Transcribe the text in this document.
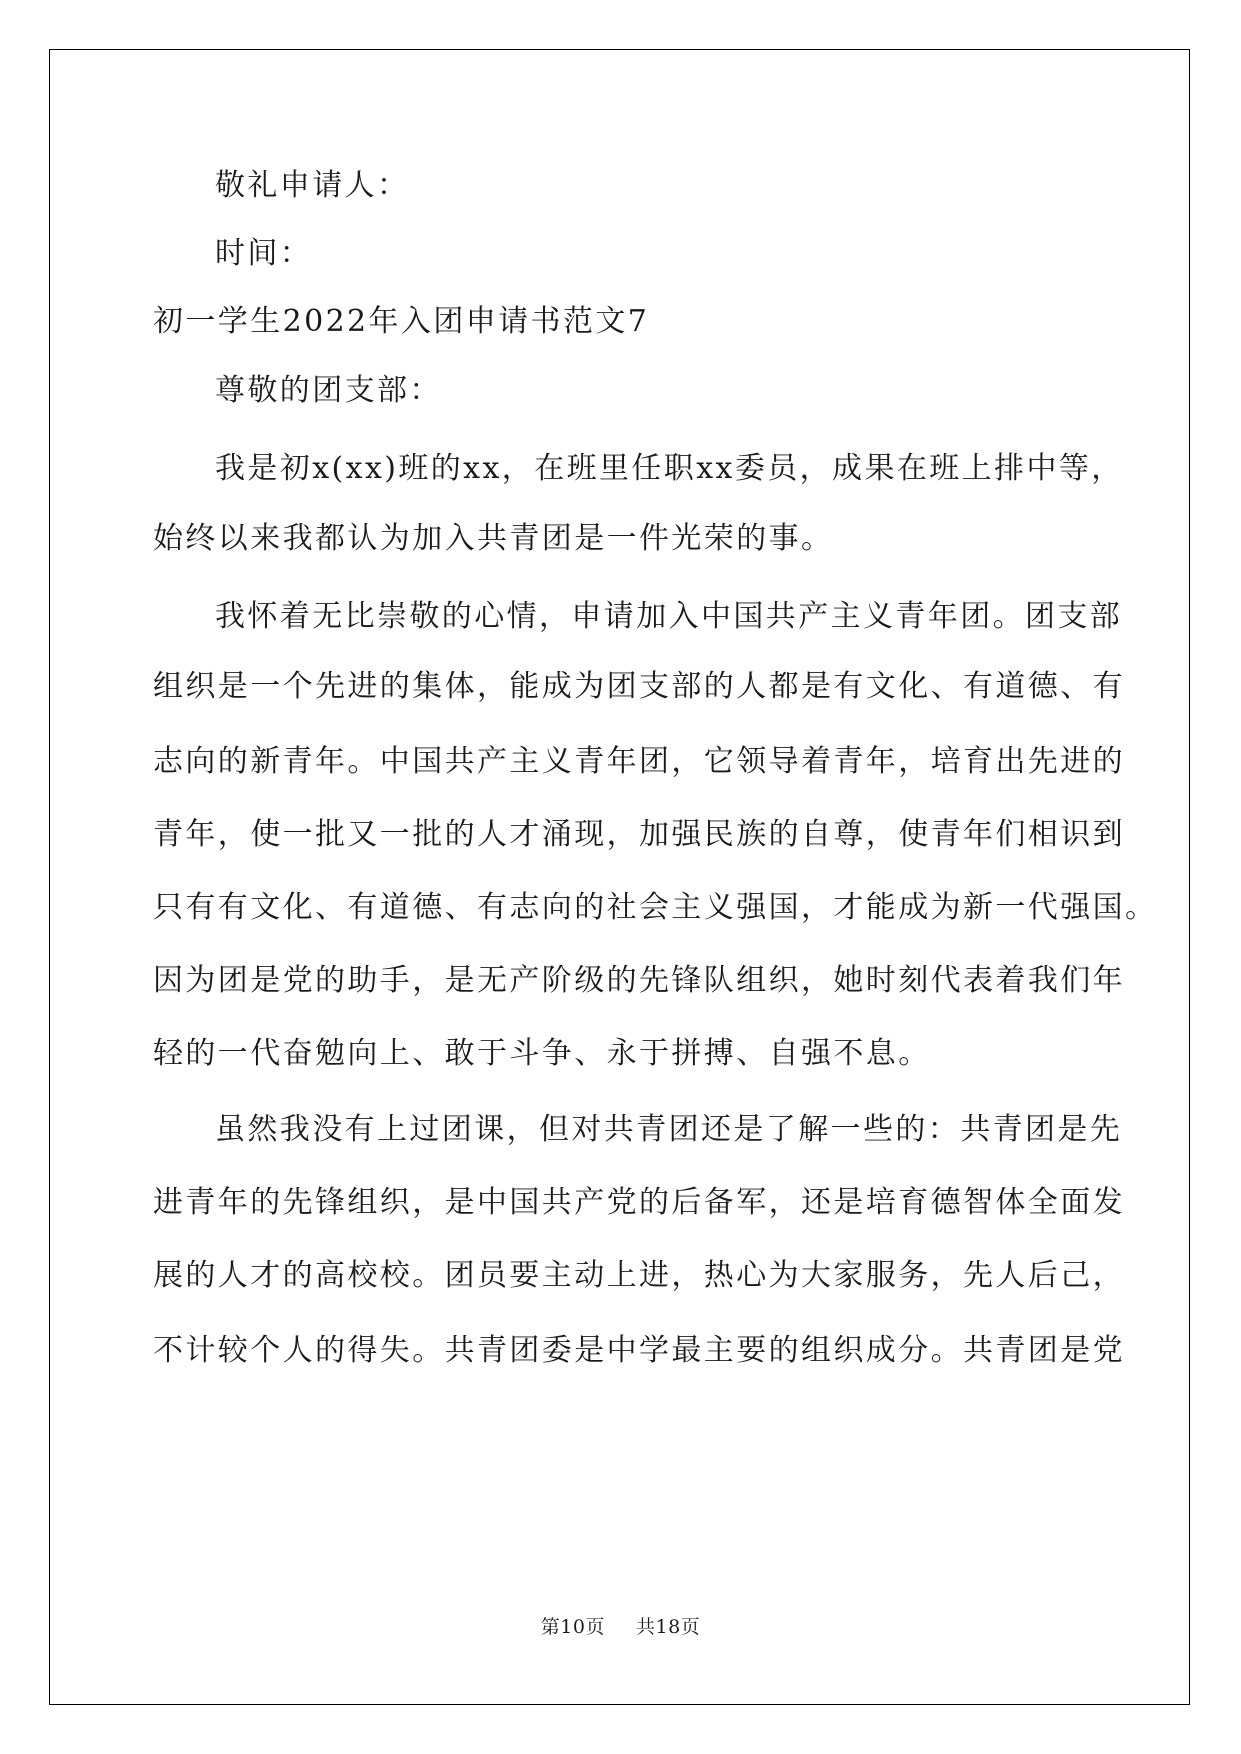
敬礼申请人：
时间：
初一学生2022年入团申请书范文7
尊敬的团支部：
我是初x(xx)班的xx，在班里任职xx委员，成果在班上排中等，
始终以来我都认为加入共青团是一件光荣的事。
我怀着无比崇敬的心情，申请加入中国共产主义青年团。团支部
组织是一个先进的集体，能成为团支部的人都是有文化、有道德、有
志向的新青年。中国共产主义青年团，它领导着青年，培育出先进的
青年，使一批又一批的人才涌现，加强民族的自尊，使青年们相识到
只有有文化、有道德、有志向的社会主义强国，才能成为新一代强国。
因为团是党的助手，是无产阶级的先锋队组织，她时刻代表着我们年
轻的一代奋勉向上、敢于斗争、永于拼搏、自强不息。
虽然我没有上过团课，但对共青团还是了解一些的：共青团是先
进青年的先锋组织，是中国共产党的后备军，还是培育德智体全面发
展的人才的高校校。团员要主动上进，热心为大家服务，先人后己，
不计较个人的得失。共青团委是中学最主要的组织成分。共青团是党
第10页 共18页
